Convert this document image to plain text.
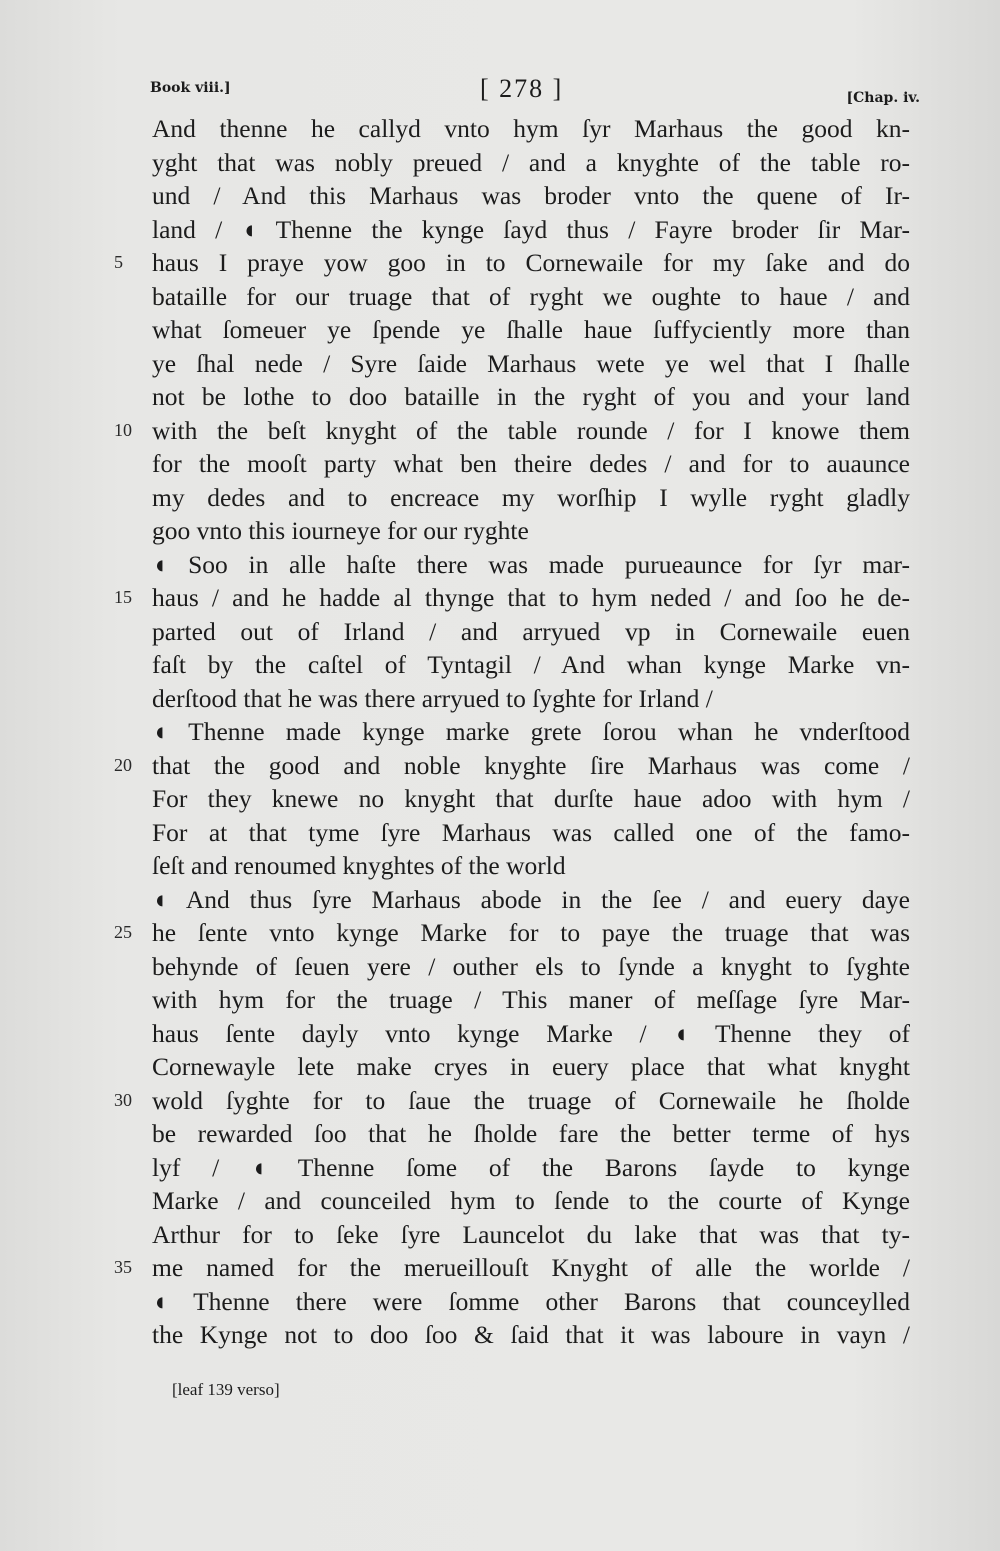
Book viii.]	[ 278 ]	[Chap. iv.
And thenne he callyd vnto hym ſyr Marhaus the good kn-
yght that was nobly preued / and a knyghte of the table ro-
und / And this Marhaus was broder vnto the quene of Ir-
land / ◖ Thenne the kynge ſayd thus / Fayre broder ſir Mar-
5	haus I praye yow goo in to Cornewaile for my ſake and do
bataille for our truage that of ryght we oughte to haue / and
what ſomeuer ye ſpende ye ſhalle haue ſuffyciently more than
ye ſhal nede / Syre ſaide Marhaus wete ye wel that I ſhalle
not be lothe to doo bataille in the ryght of you and your land
10 with the beſt knyght of the table rounde / for I knowe them
for the mooſt party what ben theire dedes / and for to auaunce
my dedes and to encreace my worſhip I wylle ryght gladly
goo vnto this iourneye for our ryghte
◖ Soo in alle haſte there was made purueaunce for ſyr mar-
15 haus / and he hadde al thynge that to hym neded / and ſoo he de-
parted out of Irland / and arryued vp in Cornewaile euen
faſt by the caſtel of Tyntagil / And whan kynge Marke vn-
derſtood that he was there arryued to ſyghte for Irland /
◖ Thenne made kynge marke grete ſorou whan he vnderſtood
20 that the good and noble knyghte ſire Marhaus was come /
For they knewe no knyght that durſte haue adoo with hym /
For at that tyme ſyre Marhaus was called one of the famo-
ſeſt and renoumed knyghtes of the world
◖ And thus ſyre Marhaus abode in the ſee / and euery daye
25 he ſente vnto kynge Marke for to paye the truage that was
behynde of ſeuen yere / outher els to ſynde a knyght to ſyghte
with hym for the truage / This maner of meſſage ſyre Mar-
haus ſente dayly vnto kynge Marke / ◖ Thenne they of
Cornewayle lete make cryes in euery place that what knyght
30 wold ſyghte for to ſaue the truage of Cornewaile he ſholde
be rewarded ſoo that he ſholde fare the better terme of hys
lyf / ◖ Thenne ſome of the Barons ſayde to kynge
Marke / and counceiled hym to ſende to the courte of Kynge
Arthur for to ſeke ſyre Launcelot du lake that was that ty-
35 me named for the merueillouſt Knyght of alle the worlde /
◖ Thenne there were ſomme other Barons that counceylled
the Kynge not to doo ſoo & ſaid that it was laboure in vayn /
[leaf 139 verso]
